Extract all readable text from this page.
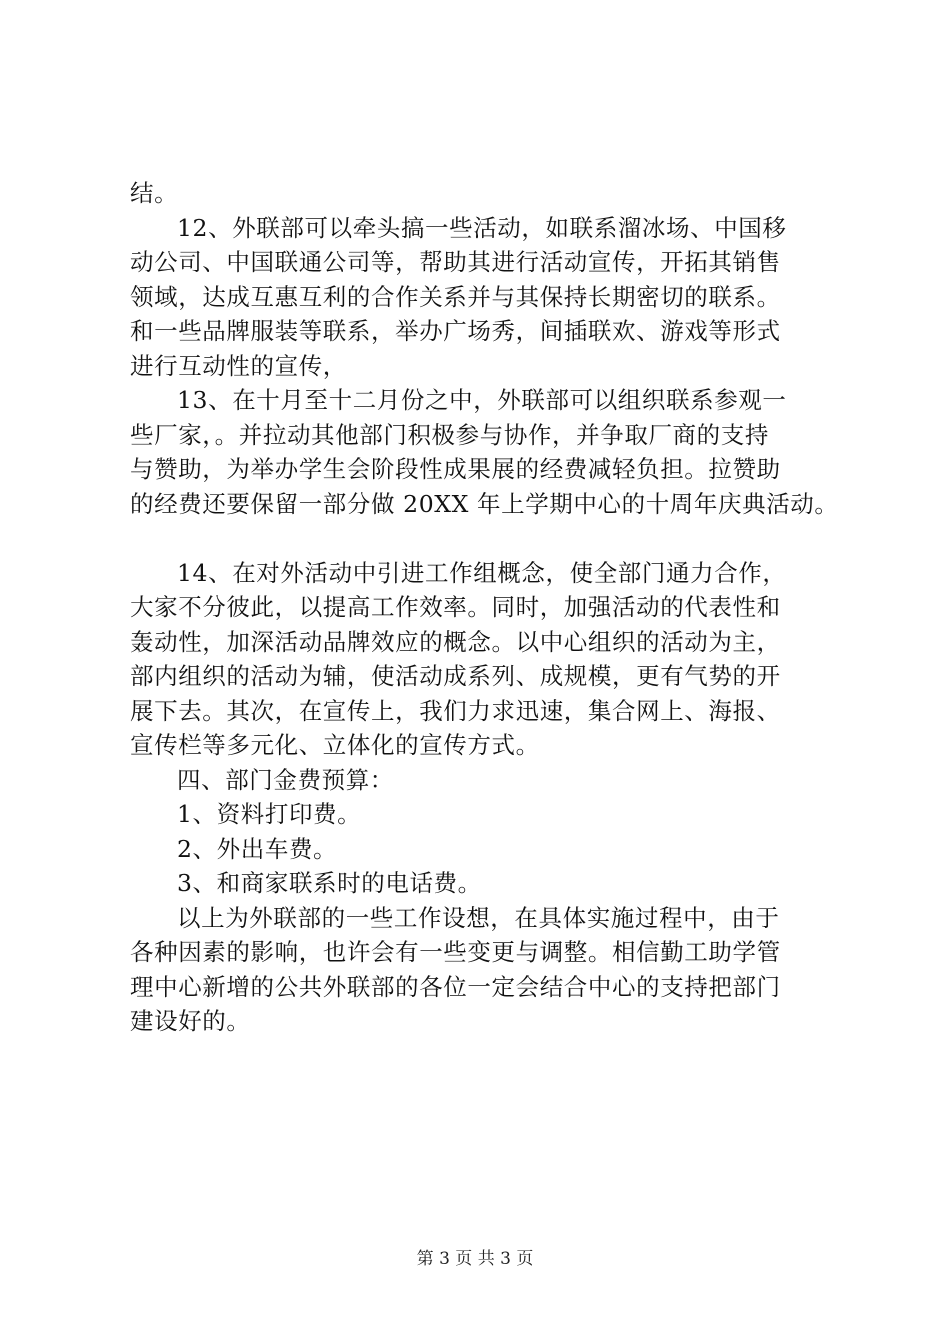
结。
12、外联部可以牵头搞一些活动，如联系溜冰场、中国移
动公司、中国联通公司等，帮助其进行活动宣传，开拓其销售
领域，达成互惠互利的合作关系并与其保持长期密切的联系。
和一些品牌服装等联系，举办广场秀，间插联欢、游戏等形式
进行互动性的宣传，
13、在十月至十二月份之中，外联部可以组织联系参观一
些厂家，。并拉动其他部门积极参与协作，并争取厂商的支持
与赞助，为举办学生会阶段性成果展的经费减轻负担。拉赞助
的经费还要保留一部分做 20XX 年上学期中心的十周年庆典活动。
14、在对外活动中引进工作组概念，使全部门通力合作，
大家不分彼此，以提高工作效率。同时，加强活动的代表性和
轰动性，加深活动品牌效应的概念。以中心组织的活动为主，
部内组织的活动为辅，使活动成系列、成规模，更有气势的开
展下去。其次，在宣传上，我们力求迅速，集合网上、海报、
宣传栏等多元化、立体化的宣传方式。
四、部门金费预算：
1、资料打印费。
2、外出车费。
3、和商家联系时的电话费。
以上为外联部的一些工作设想，在具体实施过程中，由于
各种因素的影响，也许会有一些变更与调整。相信勤工助学管
理中心新增的公共外联部的各位一定会结合中心的支持把部门
建设好的。
第 3 页 共 3 页
